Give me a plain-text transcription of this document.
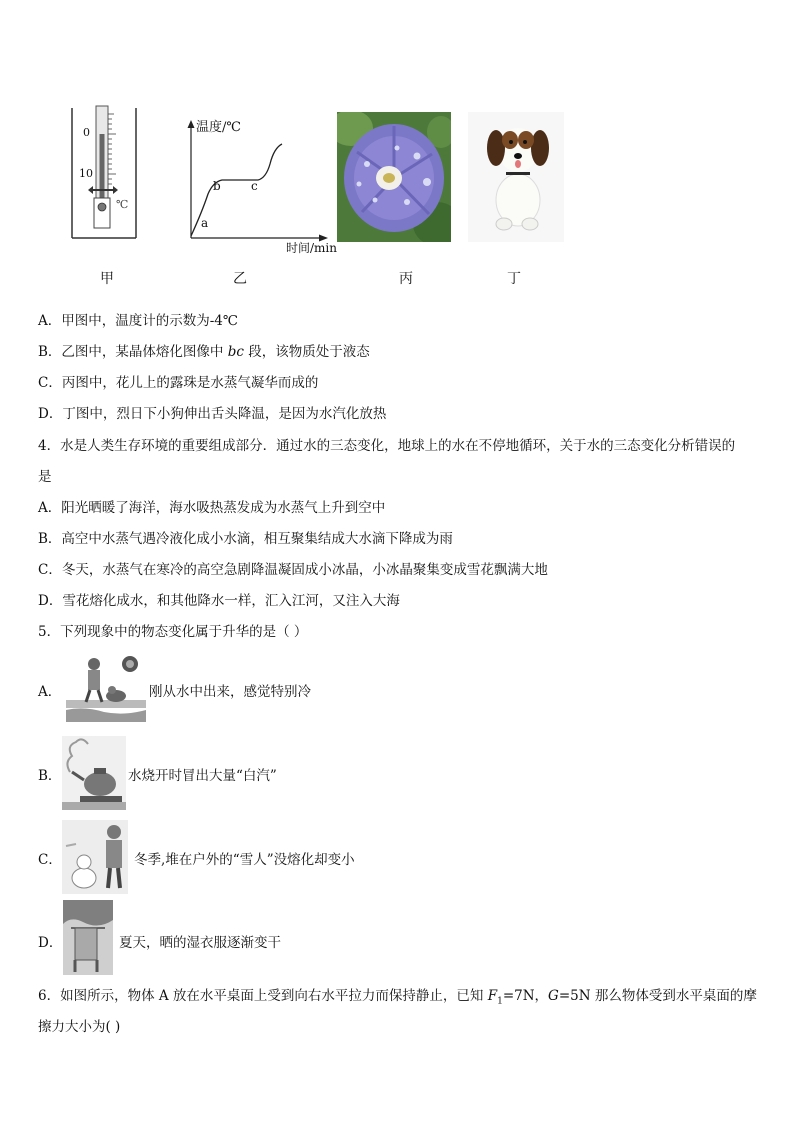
0
10
℃
甲
温度/℃
a
b	c
时间/min
乙	丙	丁
A．甲图中，温度计的示数为-4℃
B．乙图中，某晶体熔化图像中 bc 段，该物质处于液态
C．丙图中，花儿上的露珠是水蒸气凝华而成的
D．丁图中，烈日下小狗伸出舌头降温，是因为水汽化放热
4．水是人类生存环境的重要组成部分．通过水的三态变化，地球上的水在不停地循环，关于水的三态变化分析错误的
是
A．阳光晒暖了海洋，海水吸热蒸发成为水蒸气上升到空中
B．高空中水蒸气遇冷液化成小水滴，相互聚集结成大水滴下降成为雨
C．冬天，水蒸气在寒冷的高空急剧降温凝固成小冰晶，小冰晶聚集变成雪花飘满大地
D．雪花熔化成水，和其他降水一样，汇入江河，又注入大海
5．下列现象中的物态变化属于升华的是（ ）
A．	刚从水中出来，感觉特别冷
B．	水烧开时冒出大量“白汽”
C．	冬季,堆在户外的“雪人”没熔化却变小
D．	夏天，晒的湿衣服逐渐变干
6．如图所示，物体 A 放在水平桌面上受到向右水平拉力而保持静止，已知 $F_1=7N$，G=5N 那么物体受到水平桌面的摩
擦力大小为( )
